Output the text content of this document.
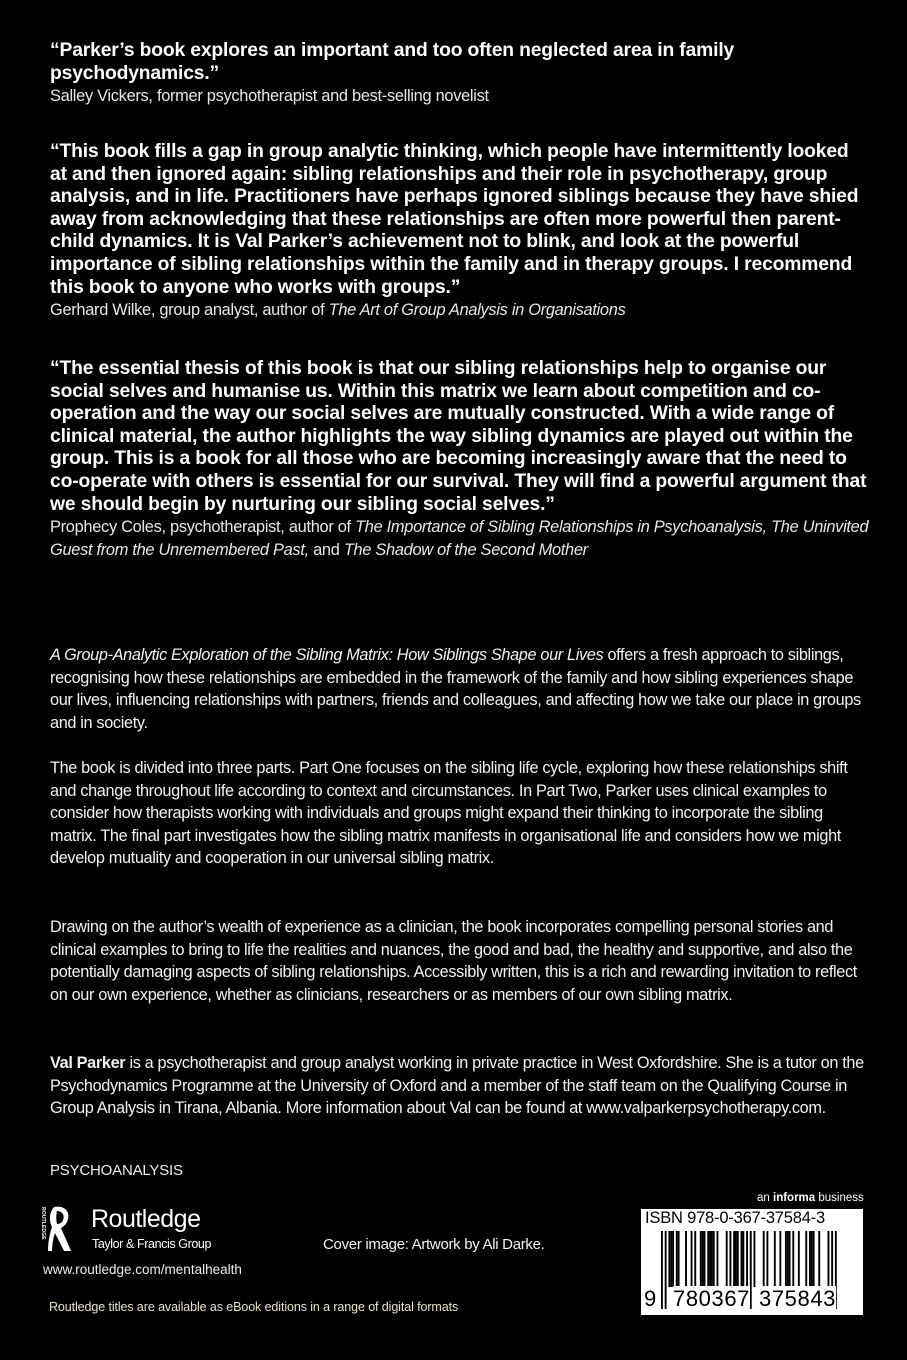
“Parker’s book explores an important and too often neglected area in family psychodynamics.”

Salley Vickers, former psychotherapist and best-selling novelist

“This book fills a gap in group analytic thinking, which people have intermittently looked at and then ignored again: sibling relationships and their role in psychotherapy, group analysis, and in life. Practitioners have perhaps ignored siblings because they have shied away from acknowledging that these relationships are often more powerful then parent-child dynamics. It is Val Parker’s achievement not to blink, and look at the powerful importance of sibling relationships within the family and in therapy groups. I recommend this book to anyone who works with groups.”

Gerhard Wilke, group analyst, author of The Art of Group Analysis in Organisations

“The essential thesis of this book is that our sibling relationships help to organise our social selves and humanise us. Within this matrix we learn about competition and co-operation and the way our social selves are mutually constructed. With a wide range of clinical material, the author highlights the way sibling dynamics are played out within the group. This is a book for all those who are becoming increasingly aware that the need to co-operate with others is essential for our survival. They will find a powerful argument that we should begin by nurturing our sibling social selves.”

Prophecy Coles, psychotherapist, author of The Importance of Sibling Relationships in Psychoanalysis, The Uninvited Guest from the Unremembered Past, and The Shadow of the Second Mother

A Group-Analytic Exploration of the Sibling Matrix: How Siblings Shape our Lives offers a fresh approach to siblings, recognising how these relationships are embedded in the framework of the family and how sibling experiences shape our lives, influencing relationships with partners, friends and colleagues, and affecting how we take our place in groups and in society.

The book is divided into three parts. Part One focuses on the sibling life cycle, exploring how these relationships shift and change throughout life according to context and circumstances. In Part Two, Parker uses clinical examples to consider how therapists working with individuals and groups might expand their thinking to incorporate the sibling matrix. The final part investigates how the sibling matrix manifests in organisational life and considers how we might develop mutuality and cooperation in our universal sibling matrix.

Drawing on the author’s wealth of experience as a clinician, the book incorporates compelling personal stories and clinical examples to bring to life the realities and nuances, the good and bad, the healthy and supportive, and also the potentially damaging aspects of sibling relationships. Accessibly written, this is a rich and rewarding invitation to reflect on our own experience, whether as clinicians, researchers or as members of our own sibling matrix.

Val Parker is a psychotherapist and group analyst working in private practice in West Oxfordshire. She is a tutor on the Psychodynamics Programme at the University of Oxford and a member of the staff team on the Qualifying Course in Group Analysis in Tirana, Albania. More information about Val can be found at www.valparkerpsychotherapy.com.

PSYCHOANALYSIS
ROUTLEDGE Routledge
Taylor & Francis Group
www.routledge.com/mentalhealth
Cover image: Artwork by Ali Darke.
Routledge titles are available as eBook editions in a range of digital formats
an informa business
ISBN 978-0-367-37584-3
9 780367 375843
